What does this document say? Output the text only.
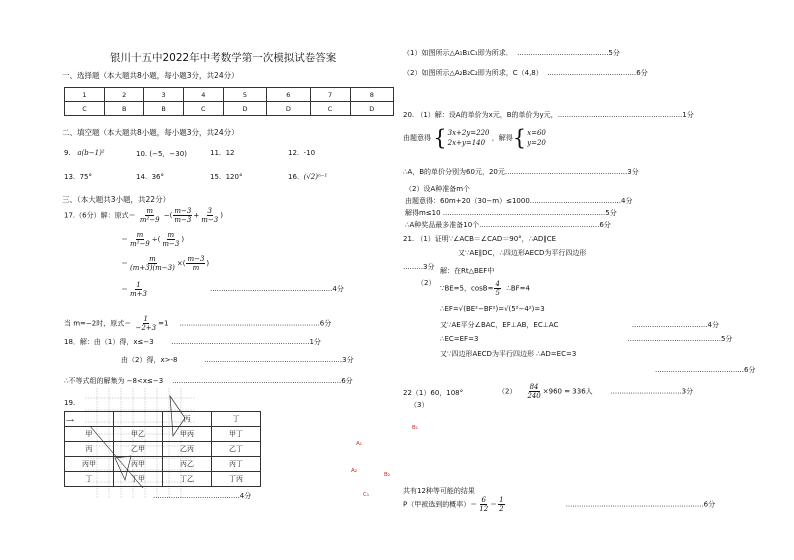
银川十五中2022年中考数学第一次模拟试卷答案
一、选择题（本大题共8小题，每小题3分，共24分）
1	2	3	4	5	6	7	8
C	B	B	C	D	D	C	D
二、填空题（本大题共8小题，每小题3分，共24分）
9. a(b−1)²	10. (−5，−30)	11. 12	12. -10
13. 75°	14. 36°	15. 120°	16. (√2)ⁿ⁻¹
三、（本大题共3小题，共22分）
17.（6分）解：原式＝ $\frac{m}{\text{m²−9}}$ −( $\frac{m-3}{m-3} + \frac{3}{m-3}$ )
＝ $\frac{m}{\text{m²−9}}$ ÷( $\frac{m}{m-3}$ )
＝ $\frac{m}{(m+3)(m-3)}$ ×( $\frac{m-3}{m}$ )
＝ $\frac{1}{m+3}$	.......................................................4分
当 m=−2时，原式＝ $\frac{1}{-2+3} =1$     ...............................................................6分
18．解：由（1）得，x≤−3        ..............................................................1分
由（2）得，x>-8            ..............................................................3分
∴不等式组的解集为 −8<x≤−3    ............................................................................6分
19.
⟶
			丙	丁
甲	甲乙	甲丙	甲丁
丙	乙甲	乙丙	乙丁
丙甲	丙甲	丙乙	丙丁
丁	丁甲	丁乙	丁丙
.......................................4分
A₁
B₁
A₂
B₂
C₁
（1）如图所示△A₁B₁C₁即为所求．  .........................................5分
（2）如图所示△A₂B₂C₂即为所求，C（4,8）  ........................................6分
20. （1）解：设A的单价为x元，B的单价为y元，........................................................1分
由题意得 { 3x+2y=220
2x+y=140
，解得 { x=60
y=20
∴A，B的单价分别为60元，20元.......................................................3分
（2）设A种准备m个
由题意得：60m+20（30−m）≤1000.........................................4分
解得m≤10 .........................................................................5分
∴A种奖品最多准备10个......................................................6分
21. （1）证明∵∠ACB＝∠CAD＝90°，∴AD∥CE
又∵AE∥DC，∴四边形AECD为平行四边形
.........3分 解：在Rt△BEF中
（2）
∵BE=5，$\cos B= \frac{4}{5}$ ∴BF=4
∴EF=√(BE²−BF²)=√(5²−4²)=3
又∵AE平分∠BAC，EF⊥AB，EC⊥AC                                 ..................................4分
∴EC=EF=3                                                                   ..........................................5分
又∵四边形AECD为平行四边形 ∴AD=EC=3
........................................6分
22（1）60，108°	$(2) \frac{84}{240} \times 960 = 336$人        ................................3分
（3）
共有12种等可能的结果
P（甲被选到的概率）＝ $\frac{6}{12} = \frac{1}{2} ..............................................................6$分
